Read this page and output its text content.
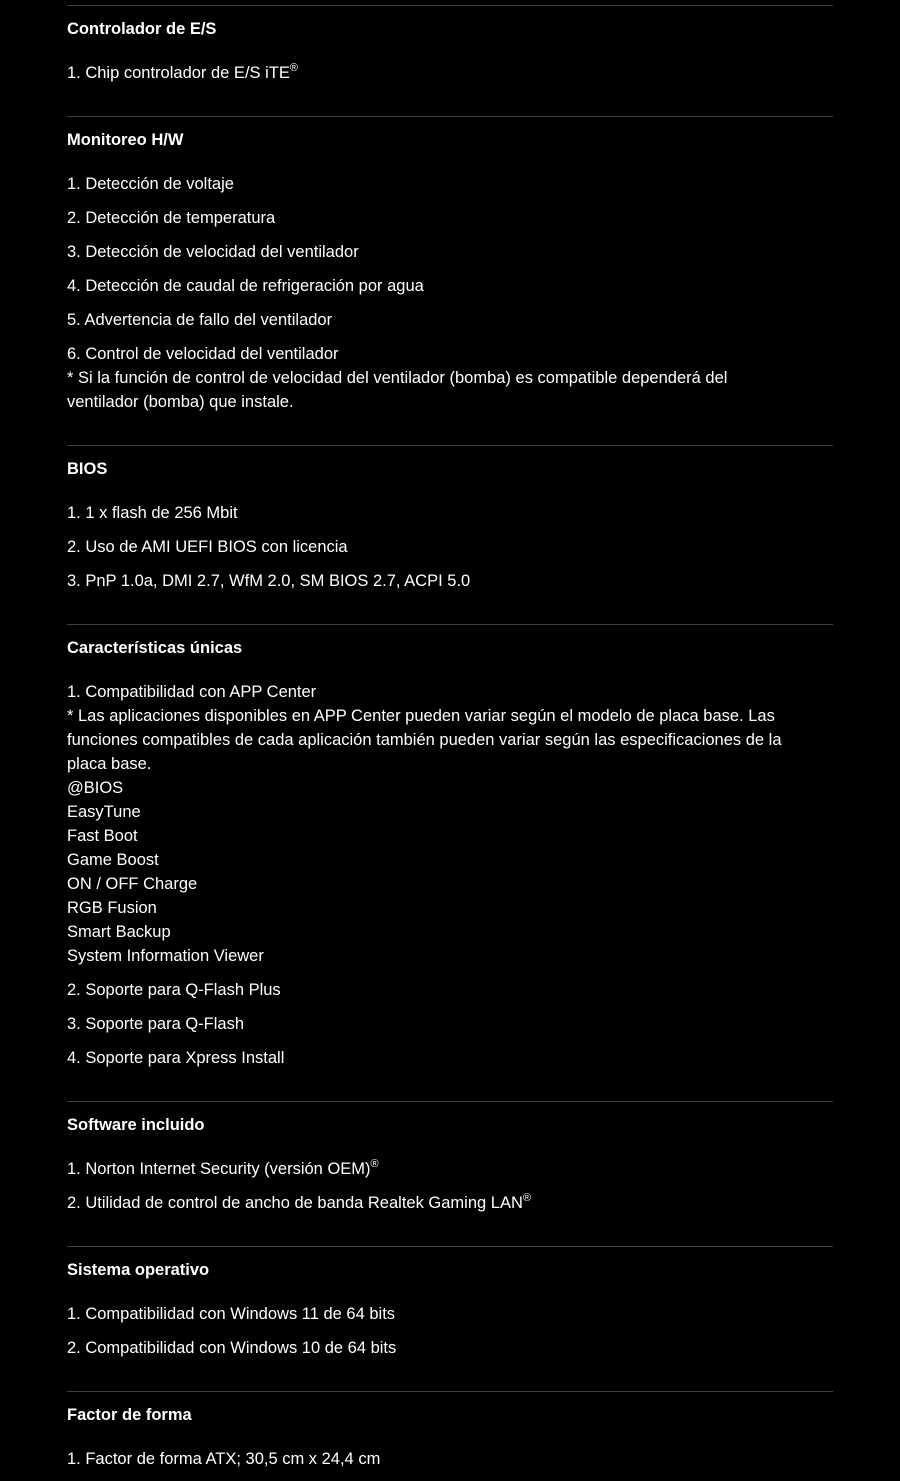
Controlador de E/S
1. Chip controlador de E/S iTE®
Monitoreo H/W
1. Detección de voltaje
2. Detección de temperatura
3. Detección de velocidad del ventilador
4. Detección de caudal de refrigeración por agua
5. Advertencia de fallo del ventilador
6. Control de velocidad del ventilador
* Si la función de control de velocidad del ventilador (bomba) es compatible dependerá del
ventilador (bomba) que instale.
BIOS
1. 1 x flash de 256 Mbit
2. Uso de AMI UEFI BIOS con licencia
3. PnP 1.0a, DMI 2.7, WfM 2.0, SM BIOS 2.7, ACPI 5.0
Características únicas
1. Compatibilidad con APP Center
* Las aplicaciones disponibles en APP Center pueden variar según el modelo de placa base. Las
funciones compatibles de cada aplicación también pueden variar según las especificaciones de la
placa base.
@BIOS
EasyTune
Fast Boot
Game Boost
ON / OFF Charge
RGB Fusion
Smart Backup
System Information Viewer
2. Soporte para Q-Flash Plus
3. Soporte para Q-Flash
4. Soporte para Xpress Install
Software incluido
1. Norton Internet Security (versión OEM)®
2. Utilidad de control de ancho de banda Realtek Gaming LAN®
Sistema operativo
1. Compatibilidad con Windows 11 de 64 bits
2. Compatibilidad con Windows 10 de 64 bits
Factor de forma
1. Factor de forma ATX; 30,5 cm x 24,4 cm
